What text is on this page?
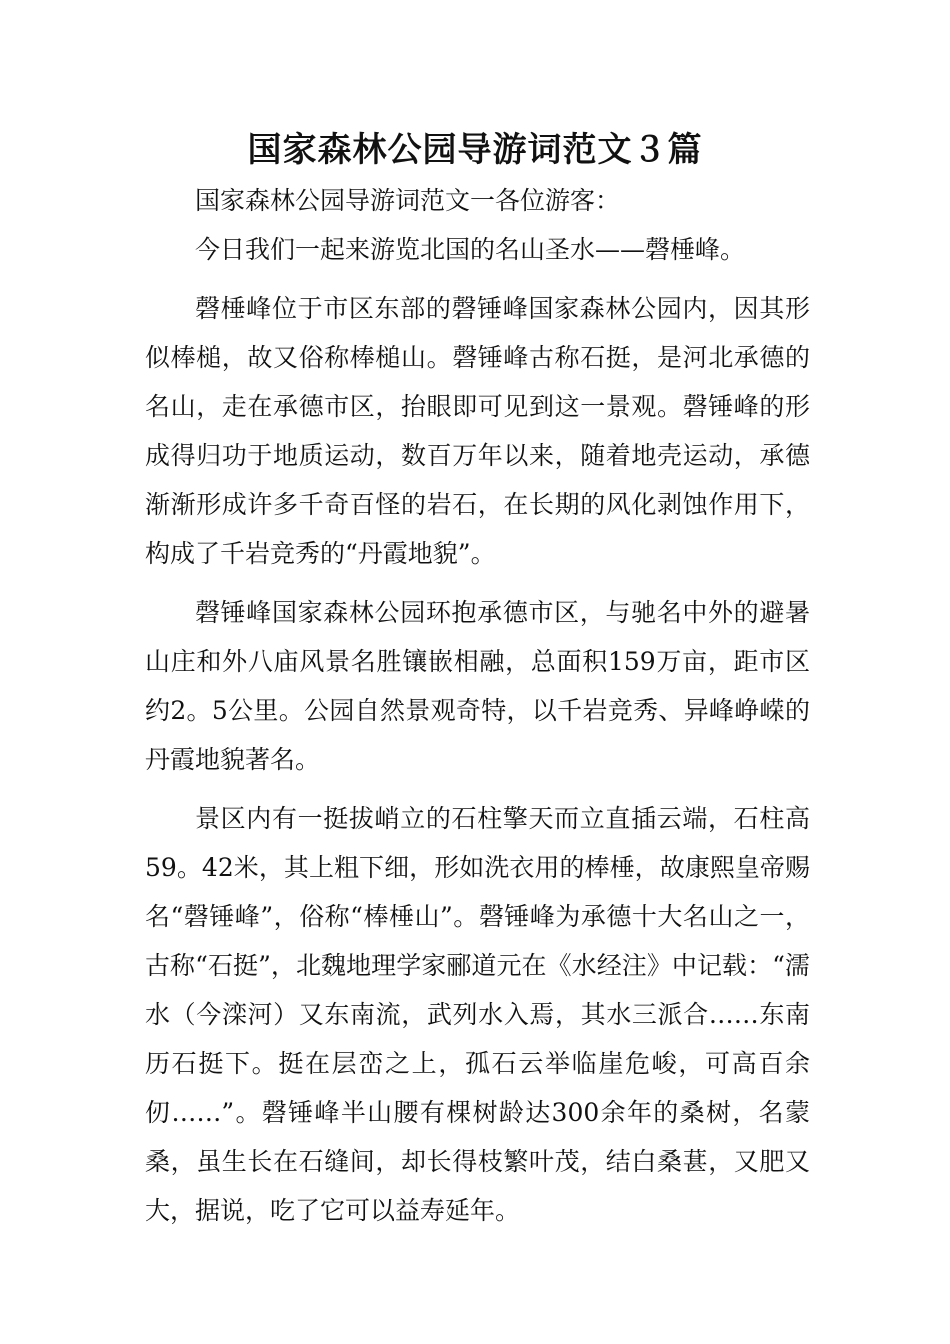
国家森林公园导游词范文３篇

国家森林公园导游词范文一各位游客：

今日我们一起来游览北国的名山圣水——磬棰峰。

磬棰峰位于市区东部的磬锤峰国家森林公园内，因其形似棒槌，故又俗称棒槌山。磬锤峰古称石挺，是河北承德的名山，走在承德市区，抬眼即可见到这一景观。磬锤峰的形成得归功于地质运动，数百万年以来，随着地壳运动，承德渐渐形成许多千奇百怪的岩石，在长期的风化剥蚀作用下，构成了千岩竞秀的“丹霞地貌”。

磬锤峰国家森林公园环抱承德市区，与驰名中外的避暑山庄和外八庙风景名胜镶嵌相融，总面积159万亩，距市区约2。5公里。公园自然景观奇特，以千岩竞秀、异峰峥嵘的丹霞地貌著名。

景区内有一挺拔峭立的石柱擎天而立直插云端，石柱高59。42米，其上粗下细，形如洗衣用的棒棰，故康熙皇帝赐名“磬锤峰”，俗称“棒棰山”。磬锤峰为承德十大名山之一，古称“石挺”，北魏地理学家郦道元在《水经注》中记载：“濡水（今滦河）又东南流，武列水入焉，其水三派合……东南历石挺下。挺在层峦之上，孤石云举临崖危峻，可高百余仞……”。磬锤峰半山腰有棵树龄达300余年的桑树，名蒙桑，虽生长在石缝间，却长得枝繁叶茂，结白桑葚，又肥又大，据说，吃了它可以益寿延年。
